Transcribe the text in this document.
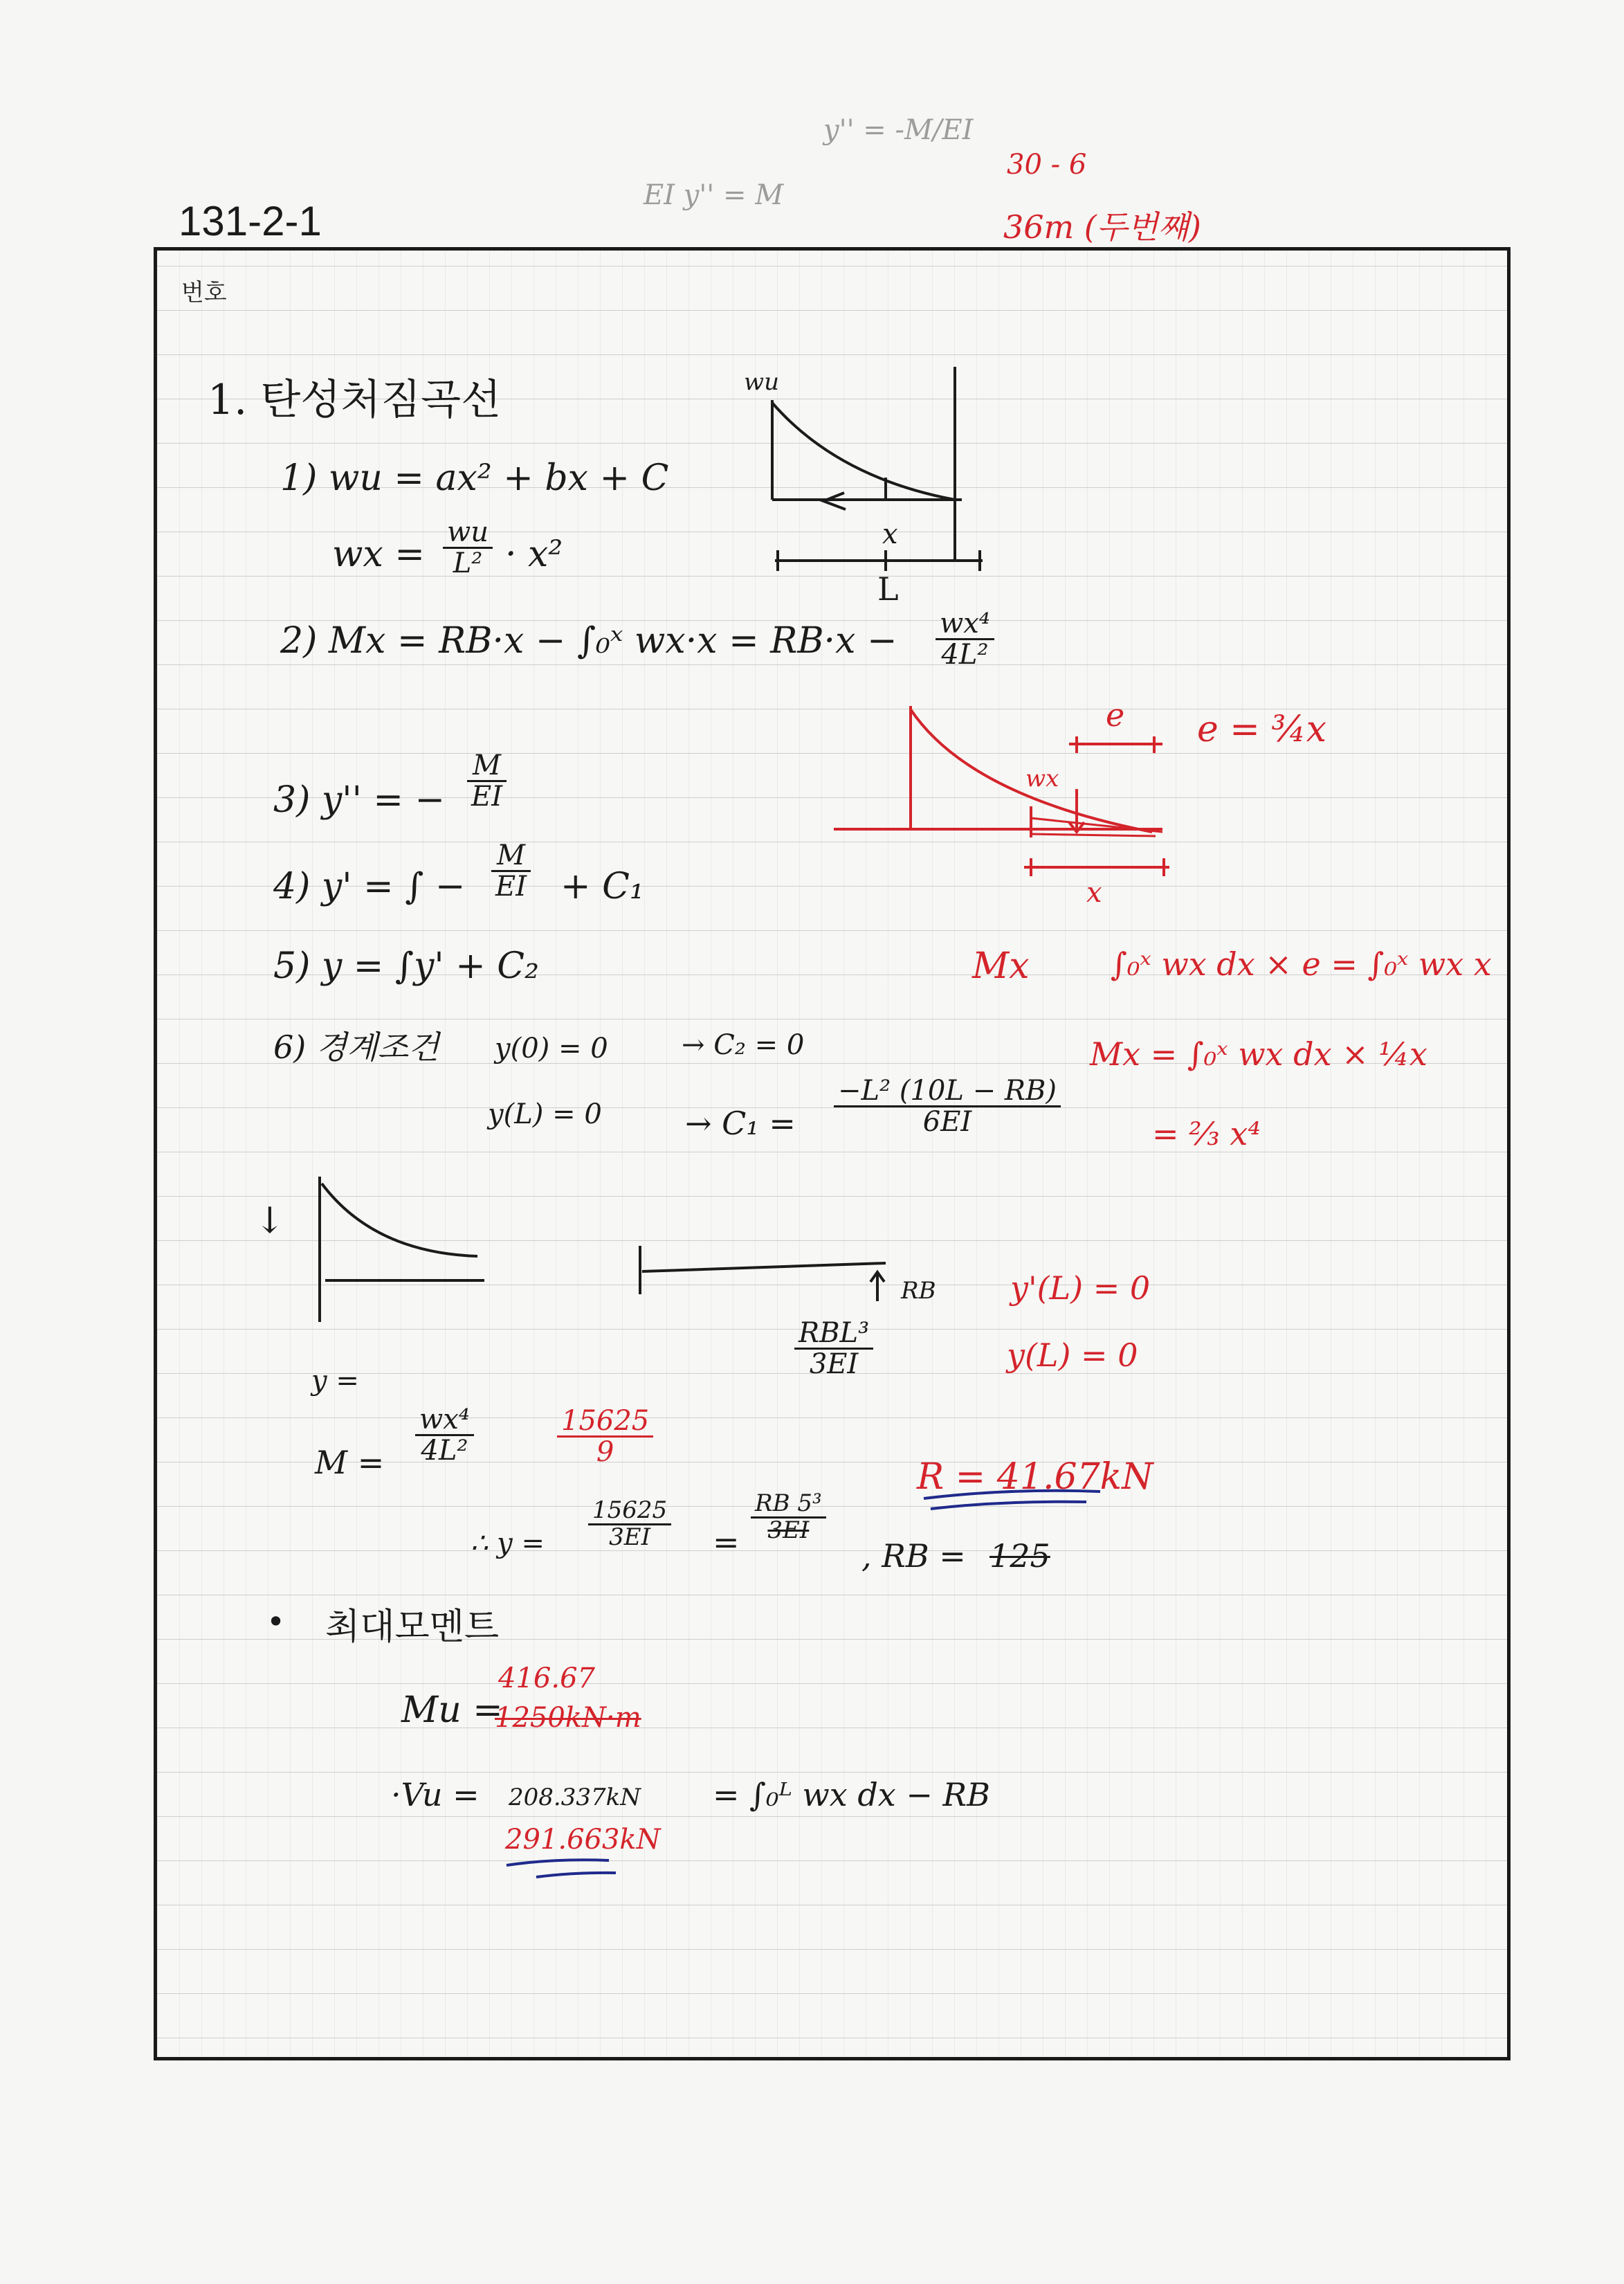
131-2-1
EI y'' = M
y'' = -M/EI
30 - 6
36m (두번쨰)
번호
1. 탄성처짐곡선
1) wu = ax² + bx + C
wx = $\frac{wu}{\text{L²}} \cdot x^2$
2) Mx = RB·x − ∫₀ˣ $wx\cdot x = RB\cdot x - \frac{\text{wx⁴}}{\text{4L²}}$
3) y'' = − $\frac{M}{EI}$
4) y' = ∫ − $\frac{M}{EI} + C_1$
5) y = ∫y' + C₂
6) 경계조건 y(0) = 0	→ C₂ = 0
y(L) = 0	→ $C_1 = \frac{\text{−L² (10L − RB)}}{6EI}$
wu
x
L
e e = ¾x
wx
x
Mx	∫₀ˣ wx dx × e = ∫₀ˣ wx x
Mx = ∫₀ˣ wx dx × ¼x
= ⅔ x⁴
↓
RB y'(L) = 0
y(L) = 0
RBL³
3EI
y =
$M = \frac{\text{wx⁴}}{\text{4L²}}$	$\frac{15625}{9}$
R = 41.67kN
∴ $y = \frac{15625}{3EI} = \frac{\text{RB 5³}}{3EI}$
, RB = 125
• 최대모멘트
Mu =
416.67
1250kN·m
·Vu = 208.337kN
291.663kN
= ∫₀ᴸ wx dx − RB
